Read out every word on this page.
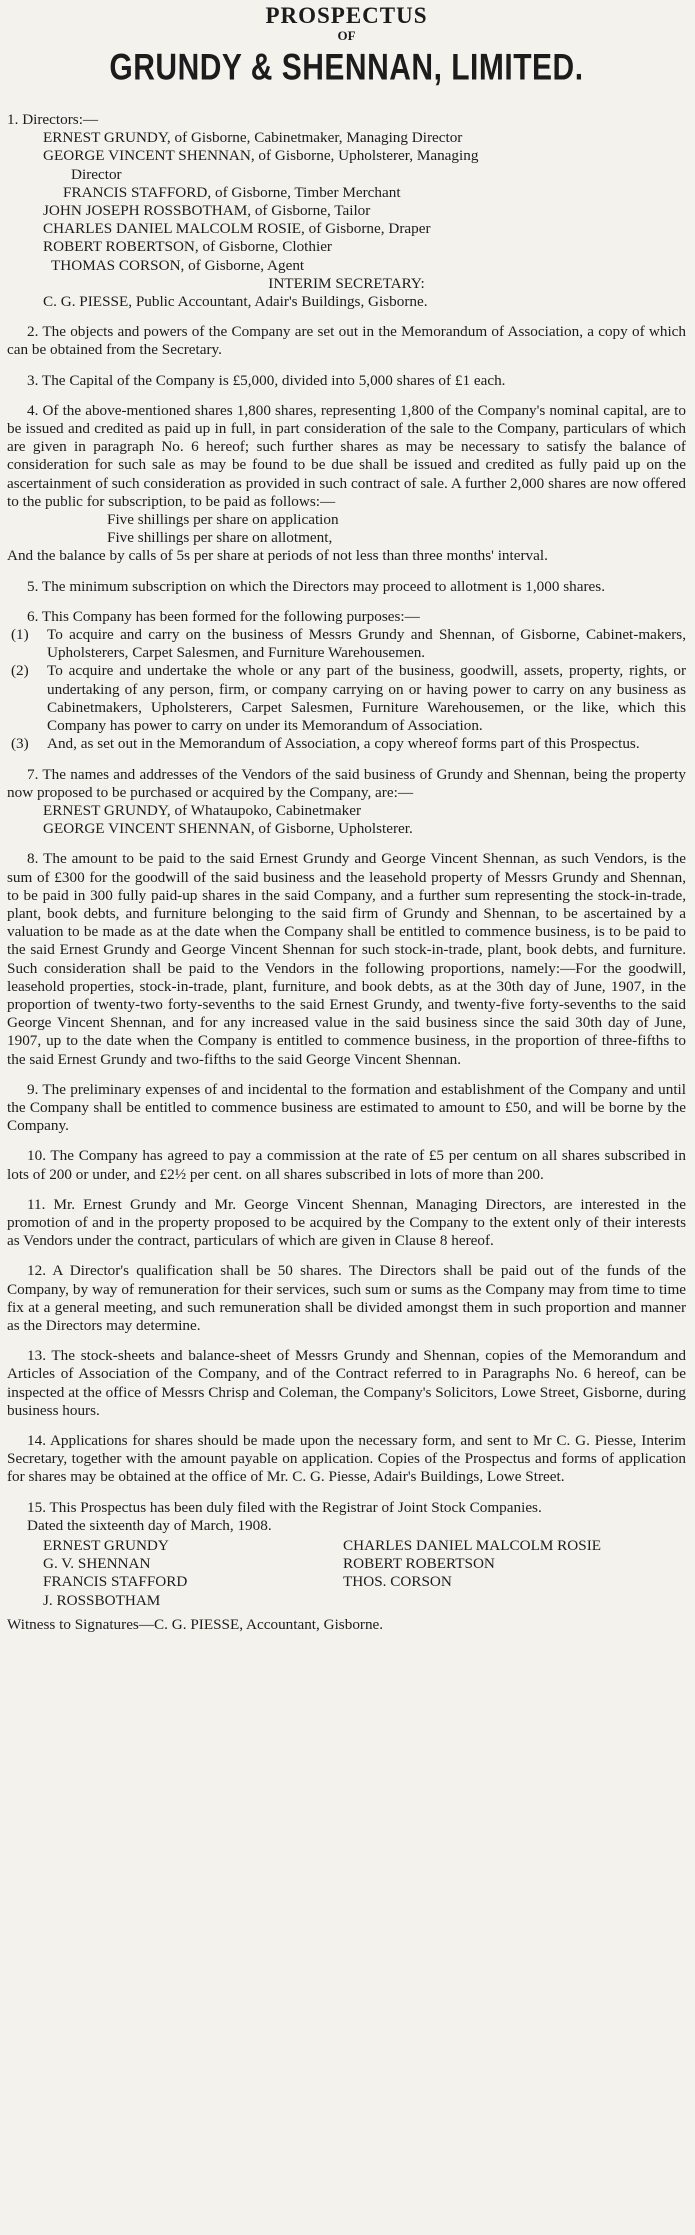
PROSPECTUS
OF
GRUNDY & SHENNAN, LIMITED.
1. Directors:—
ERNEST GRUNDY, of Gisborne, Cabinetmaker, Managing Director
GEORGE VINCENT SHENNAN, of Gisborne, Upholsterer, Managing
Director
FRANCIS STAFFORD, of Gisborne, Timber Merchant
JOHN JOSEPH ROSSBOTHAM, of Gisborne, Tailor
CHARLES DANIEL MALCOLM ROSIE, of Gisborne, Draper
ROBERT ROBERTSON, of Gisborne, Clothier
THOMAS CORSON, of Gisborne, Agent
INTERIM SECRETARY:
C. G. PIESSE, Public Accountant, Adair's Buildings, Gisborne.

2. The objects and powers of the Company are set out in the Memorandum of Association, a copy of which can be obtained from the Secretary.

3. The Capital of the Company is £5,000, divided into 5,000 shares of £1 each.

4. Of the above-mentioned shares 1,800 shares, representing 1,800 of the Company's nominal capital, are to be issued and credited as paid up in full, in part consideration of the sale to the Company, particulars of which are given in paragraph No. 6 hereof; such further shares as may be necessary to satisfy the balance of consideration for such sale as may be found to be due shall be issued and credited as fully paid up on the ascertainment of such consideration as provided in such contract of sale. A further 2,000 shares are now offered to the public for subscription, to be paid as follows:—

Five shillings per share on application
Five shillings per share on allotment,
And the balance by calls of 5s per share at periods of not less than three months' interval.

5. The minimum subscription on which the Directors may proceed to allotment is 1,000 shares.

6. This Company has been formed for the following purposes:—

(1)	To acquire and carry on the business of Messrs Grundy and Shennan, of Gisborne, Cabinet-makers, Upholsterers, Carpet Salesmen, and Furniture Warehousemen.
(2)	To acquire and undertake the whole or any part of the business, goodwill, assets, property, rights, or undertaking of any person, firm, or company carrying on or having power to carry on any business as Cabinetmakers, Upholsterers, Carpet Salesmen, Furniture Warehousemen, or the like, which this Company has power to carry on under its Memorandum of Association.
(3)	And, as set out in the Memorandum of Association, a copy whereof forms part of this Prospectus.

7. The names and addresses of the Vendors of the said business of Grundy and Shennan, being the property now proposed to be purchased or acquired by the Company, are:—

ERNEST GRUNDY, of Whataupoko, Cabinetmaker
GEORGE VINCENT SHENNAN, of Gisborne, Upholsterer.

8. The amount to be paid to the said Ernest Grundy and George Vincent Shennan, as such Vendors, is the sum of £300 for the goodwill of the said business and the leasehold property of Messrs Grundy and Shennan, to be paid in 300 fully paid-up shares in the said Company, and a further sum representing the stock-in-trade, plant, book debts, and furniture belonging to the said firm of Grundy and Shennan, to be ascertained by a valuation to be made as at the date when the Company shall be entitled to commence business, is to be paid to the said Ernest Grundy and George Vincent Shennan for such stock-in-trade, plant, book debts, and furniture. Such consideration shall be paid to the Vendors in the following proportions, namely:—For the goodwill, leasehold properties, stock-in-trade, plant, furniture, and book debts, as at the 30th day of June, 1907, in the proportion of twenty-two forty-sevenths to the said Ernest Grundy, and twenty-five forty-sevenths to the said George Vincent Shennan, and for any increased value in the said business since the said 30th day of June, 1907, up to the date when the Company is entitled to commence business, in the proportion of three-fifths to the said Ernest Grundy and two-fifths to the said George Vincent Shennan.

9. The preliminary expenses of and incidental to the formation and establishment of the Company and until the Company shall be entitled to commence business are estimated to amount to £50, and will be borne by the Company.

10. The Company has agreed to pay a commission at the rate of £5 per centum on all shares subscribed in lots of 200 or under, and £2½ per cent. on all shares subscribed in lots of more than 200.

11. Mr. Ernest Grundy and Mr. George Vincent Shennan, Managing Directors, are interested in the promotion of and in the property proposed to be acquired by the Company to the extent only of their interests as Vendors under the contract, particulars of which are given in Clause 8 hereof.

12. A Director's qualification shall be 50 shares. The Directors shall be paid out of the funds of the Company, by way of remuneration for their services, such sum or sums as the Company may from time to time fix at a general meeting, and such remuneration shall be divided amongst them in such proportion and manner as the Directors may determine.

13. The stock-sheets and balance-sheet of Messrs Grundy and Shennan, copies of the Memorandum and Articles of Association of the Company, and of the Contract referred to in Paragraphs No. 6 hereof, can be inspected at the office of Messrs Chrisp and Coleman, the Company's Solicitors, Lowe Street, Gisborne, during business hours.

14. Applications for shares should be made upon the necessary form, and sent to Mr C. G. Piesse, Interim Secretary, together with the amount payable on application. Copies of the Prospectus and forms of application for shares may be obtained at the office of Mr. C. G. Piesse, Adair's Buildings, Lowe Street.

15. This Prospectus has been duly filed with the Registrar of Joint Stock Companies.

Dated the sixteenth day of March, 1908.
ERNEST GRUNDY	CHARLES DANIEL MALCOLM ROSIE
G. V. SHENNAN	ROBERT ROBERTSON
FRANCIS STAFFORD	THOS. CORSON
J. ROSSBOTHAM
Witness to Signatures—C. G. PIESSE, Accountant, Gisborne.
